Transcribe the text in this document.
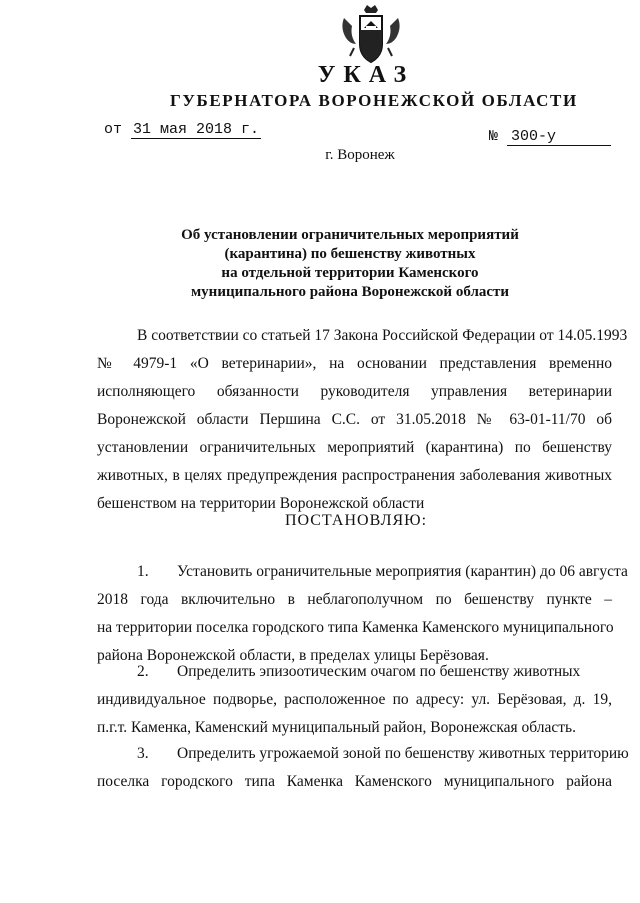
УКАЗ
ГУБЕРНАТОРА ВОРОНЕЖСКОЙ ОБЛАСТИ
от 31 мая 2018 г.	№ 300-у
г. Воронеж
Об установлении ограничительных мероприятий
(карантина) по бешенству животных
на отдельной территории Каменского
муниципального района Воронежской области
В соответствии со статьей 17 Закона Российской Федерации от 14.05.1993
№ 4979-1 «О ветеринарии», на основании представления временно
исполняющего обязанности руководителя управления ветеринарии
Воронежской области Першина С.С. от 31.05.2018 № 63-01-11/70 об
установлении ограничительных мероприятий (карантина) по бешенству
животных, в целях предупреждения распространения заболевания животных
бешенством на территории Воронежской области
ПОСТАНОВЛЯЮ:
1. Установить ограничительные мероприятия (карантин) до 06 августа
2018 года включительно в неблагополучном по бешенству пункте –
на территории поселка городского типа Каменка Каменского муниципального
района Воронежской области, в пределах улицы Берёзовая.
2. Определить эпизоотическим очагом по бешенству животных
индивидуальное подворье, расположенное по адресу: ул. Берёзовая, д. 19,
п.г.т. Каменка, Каменский муниципальный район, Воронежская область.
3. Определить угрожаемой зоной по бешенству животных территорию
поселка городского типа Каменка Каменского муниципального района
